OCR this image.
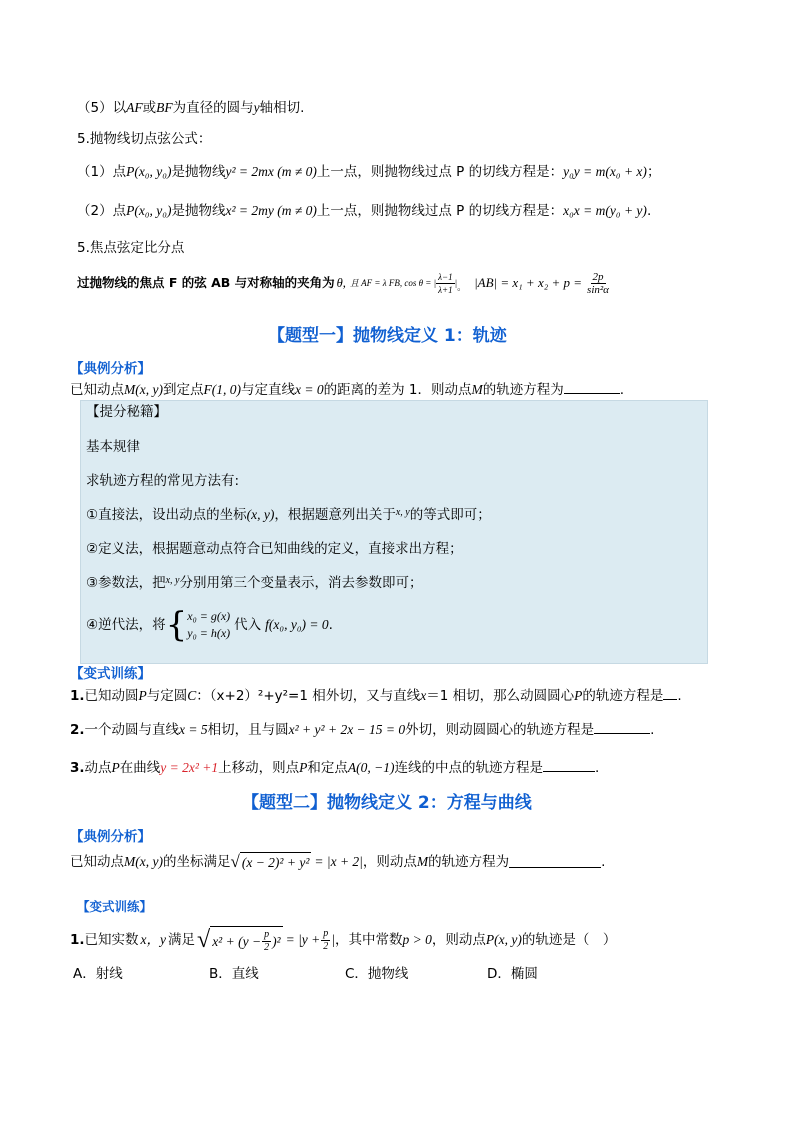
（5）以AF或BF为直径的圆与y轴相切.
5.抛物线切点弦公式：
（1）点P(x₀, y₀)是抛物线y² = 2mx (m ≠ 0)上一点，则抛物线过点 P 的切线方程是：y₀y = m(x₀ + x)；
（2）点P(x₀, y₀)是抛物线x² = 2my (m ≠ 0)上一点，则抛物线过点 P 的切线方程是：x₀x = m(y₀ + y).
5.焦点弦定比分点
过抛物线的焦点 F 的弦 AB 与对称轴的夹角为 θ, 且 AF = λ FB, cos θ = | $\frac{\lambda-1}{\lambda+1}$ | 。 $|AB| = x_1 + x_2 + p = \frac{2p}{\text{sin²α}}$
【题型一】抛物线定义 1：轨迹
【典例分析】
已知动点M(x, y)到定点F(1, 0)与定直线x = 0的距离的差为 1．则动点M的轨迹方程为	.
【提分秘籍】
基本规律
求轨迹方程的常见方法有:
①直接法，设出动点的坐标(x, y)，根据题意列出关于$^{x, y}$的等式即可；
②定义法，根据题意动点符合已知曲线的定义，直接求出方程；
③参数法，把$^{x, y}$分别用第三个变量表示，消去参数即可；
④逆代法，将 { x₀ = g(x)
y₀ = h(x) 代入 f(x₀, y₀) = 0 .
【变式训练】
1.已知动圆P与定圆C：（x+2）²+y²=1 相外切，又与直线x＝1 相切，那么动圆圆心P的轨迹方程是 .
2.一个动圆与直线x = 5相切，且与圆x² + y² + 2x − 15 = 0外切，则动圆圆心的轨迹方程是	.
3.动点P在曲线y = 2x² +1上移动，则点P和定点A(0, −1)连线的中点的轨迹方程是	.
【题型二】抛物线定义 2：方程与曲线
【典例分析】
已知动点 M(x, y) 的坐标满足 √ (x − 2)² + y² = |x + 2| ，则动点 M 的轨迹方程为	.
【变式训练】
1. 已知实数 x，y 满足 √ $x^2 + (y - \frac{p}{2} )^2 = |y + \frac{p}{2}$ | ，其中常数 p > 0 ，则动点 P(x, y) 的轨迹是（　）
A．射线	B．直线	C．抛物线	D．椭圆
